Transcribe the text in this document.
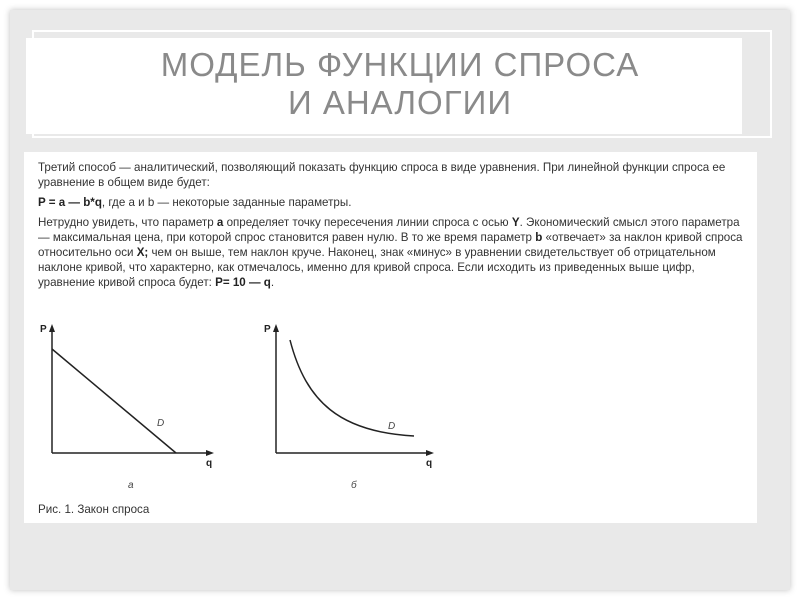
МОДЕЛЬ ФУНКЦИИ СПРОСА
И АНАЛОГИИ

Третий способ — аналитический, позволяющий показать функцию спроса в виде уравнения. При линейной функции спроса ее уравнение в общем виде будет:

P = a — b*q, где a и b — некоторые заданные параметры.

Нетрудно увидеть, что параметр a определяет точку пересечения линии спроса с осью Y. Экономический смысл этого параметра — максимальная цена, при которой спрос становится равен нулю. В то же время параметр b «отвечает» за наклон кривой спроса относительно оси X; чем он выше, тем наклон круче. Наконец, знак «минус» в уравнении свидетельствует об отрицательном наклоне кривой, что характерно, как отмечалось, именно для кривой спроса. Если исходить из приведенных выше цифр, уравнение кривой спроса будет: P= 10 — q.

P
q
D
а
P
q
D
б
Рис. 1. Закон спроса
